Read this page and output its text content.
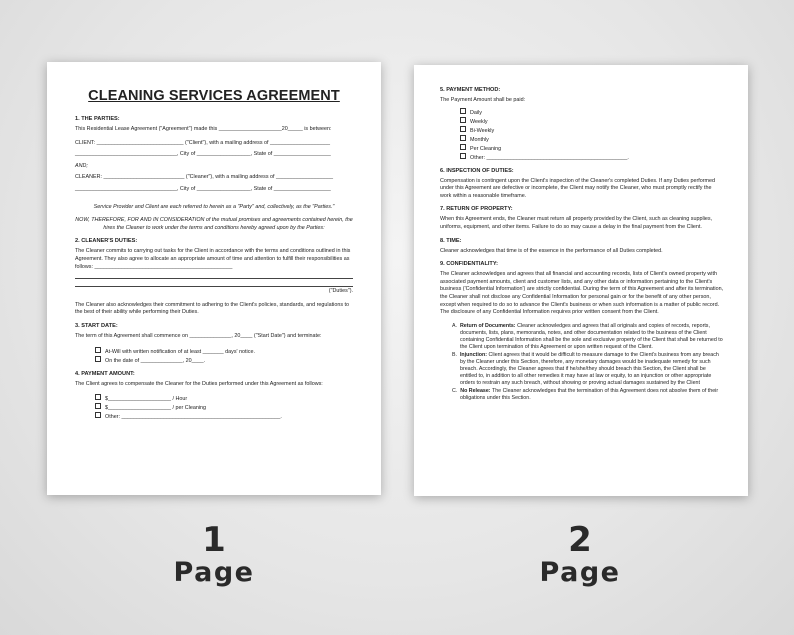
CLEANING SERVICES AGREEMENT
1. THE PARTIES:
This Residential Lease Agreement ("Agreement") made this _____________________20_____ is between:
CLIENT: _____________________________ ("Client"), with a mailing address of ____________________
__________________________________, City of __________________, State of ___________________
AND;
CLEANER: ___________________________ ("Cleaner"), with a mailing address of ___________________
__________________________________, City of __________________, State of ___________________
Service Provider and Client are each referred to herein as a "Party" and, collectively, as the "Parties."
NOW, THEREFORE, FOR AND IN CONSIDERATION of the mutual promises and agreements contained herein, the hires the Cleaner to work under the terms and conditions hereby agreed upon by the Parties:
2. CLEANER'S DUTIES:
The Cleaner commits to carrying out tasks for the Client in accordance with the terms and conditions outlined in this Agreement. They also agree to allocate an appropriate amount of time and attention to fulfill their responsibilities as follows: ______________________________________________
("Duties").
The Cleaner also acknowledges their commitment to adhering to the Client's policies, standards, and regulations to the best of their ability while performing their Duties.
3. START DATE:
The term of this Agreement shall commence on ______________, 20____ ("Start Date") and terminate:
At-Will with written notification of at least _______ days' notice.
On the date of ______________, 20____.
4. PAYMENT AMOUNT:
The Client agrees to compensate the Cleaner for the Duties performed under this Agreement as follows:
$_____________________ / Hour
$_____________________ / per Cleaning
Other: _____________________________________________________.
5. PAYMENT METHOD:
The Payment Amount shall be paid:
Daily
Weekly
Bi-Weekly
Monthly
Per Cleaning
Other: _______________________________________________.
6. INSPECTION OF DUTIES:
Compensation is contingent upon the Client's inspection of the Cleaner's completed Duties. If any Duties performed under this Agreement are defective or incomplete, the Client may notify the Cleaner, who must promptly rectify the work within a reasonable timeframe.
7. RETURN OF PROPERTY:
When this Agreement ends, the Cleaner must return all property provided by the Client, such as cleaning supplies, uniforms, equipment, and other items. Failure to do so may cause a delay in the final payment from the Client.
8. TIME:
Cleaner acknowledges that time is of the essence in the performance of all Duties completed.
9. CONFIDENTIALITY:
The Cleaner acknowledges and agrees that all financial and accounting records, lists of Client's owned property with associated payment amounts, client and customer lists, and any other data or information pertaining to the Client's business ('Confidential Information') are strictly confidential. During the term of this Agreement and after its termination, the Cleaner shall not disclose any Confidential Information for personal gain or for the benefit of any other person, except when required to do so to advance the Client's business or when such information is a matter of public record. The disclosure of any Confidential Information requires prior written consent from the Client.
A.  Return of Documents: Cleaner acknowledges and agrees that all originals and copies of records, reports, documents, lists, plans, memoranda, notes, and other documentation related to the business of the Client containing Confidential Information shall be the sole and exclusive property of the Client that shall be returned to the Client upon termination of this Agreement or upon written request of the Client.
B.  Injunction: Client agrees that it would be difficult to measure damage to the Client's business from any breach by the Cleaner under this Section, therefore, any monetary damages would be inadequate remedy for such breach. Accordingly, the Cleaner agrees that if he/she/they should breach this Section, the Client shall be entitled to, in addition to all other remedies it may have at law or equity, to an injunction or other appropriate orders to restrain any such breach, without showing or proving actual damages sustained by the Client
C.  No Release: The Cleaner acknowledges that the termination of this Agreement does not absolve them of their obligations under this Section.
1
Page
2
Page
